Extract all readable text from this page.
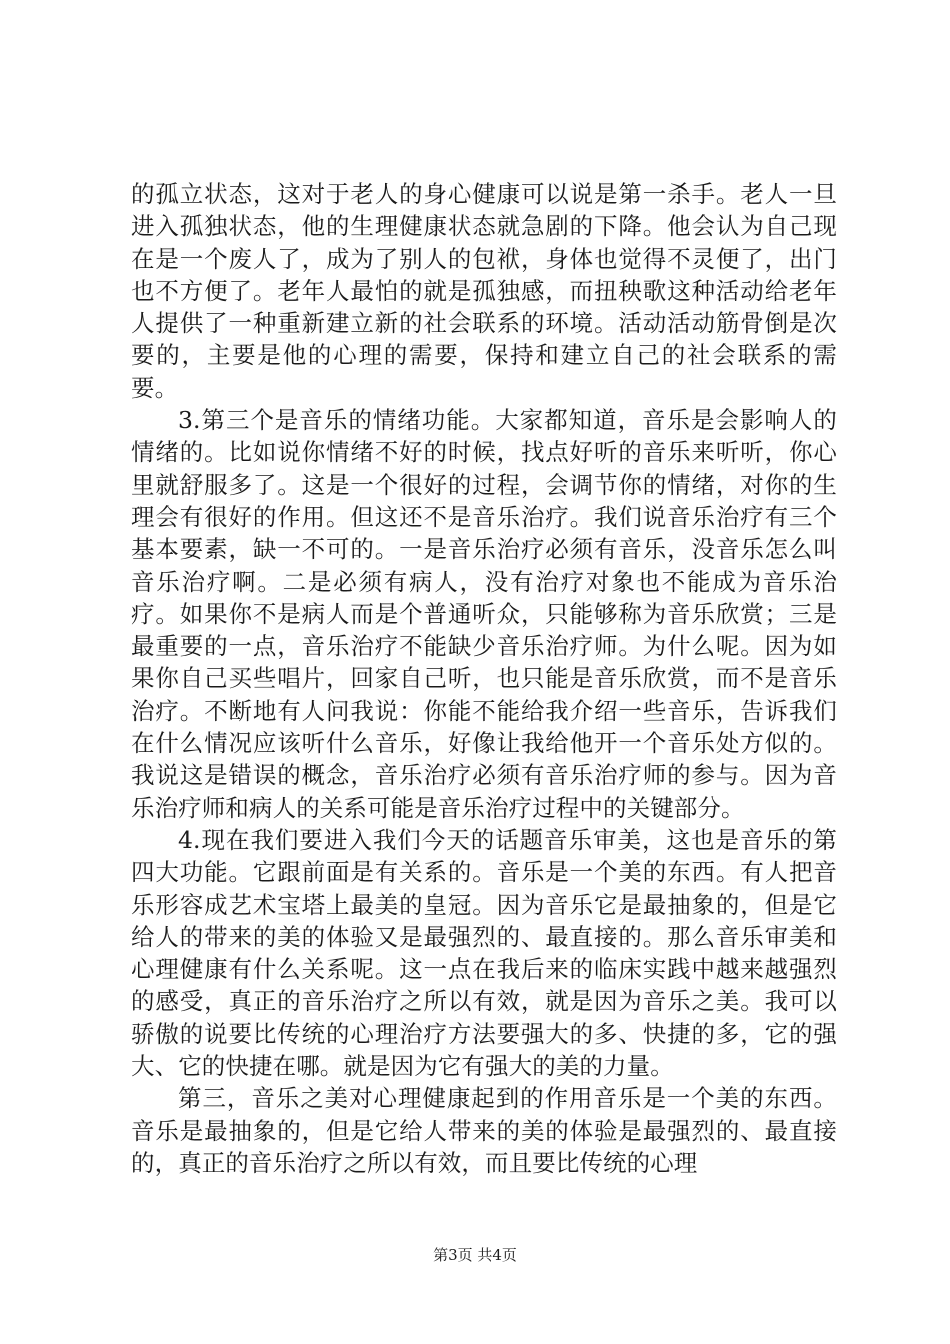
的孤立状态，这对于老人的身心健康可以说是第一杀手。老人一旦进入孤独状态，他的生理健康状态就急剧的下降。他会认为自己现在是一个废人了，成为了别人的包袱，身体也觉得不灵便了，出门也不方便了。老年人最怕的就是孤独感，而扭秧歌这种活动给老年人提供了一种重新建立新的社会联系的环境。活动活动筋骨倒是次要的，主要是他的心理的需要，保持和建立自己的社会联系的需要。

3.第三个是音乐的情绪功能。大家都知道，音乐是会影响人的情绪的。比如说你情绪不好的时候，找点好听的音乐来听听，你心里就舒服多了。这是一个很好的过程，会调节你的情绪，对你的生理会有很好的作用。但这还不是音乐治疗。我们说音乐治疗有三个基本要素，缺一不可的。一是音乐治疗必须有音乐，没音乐怎么叫音乐治疗啊。二是必须有病人，没有治疗对象也不能成为音乐治疗。如果你不是病人而是个普通听众，只能够称为音乐欣赏；三是最重要的一点，音乐治疗不能缺少音乐治疗师。为什么呢。因为如果你自己买些唱片，回家自己听，也只能是音乐欣赏，而不是音乐治疗。不断地有人问我说：你能不能给我介绍一些音乐，告诉我们在什么情况应该听什么音乐，好像让我给他开一个音乐处方似的。我说这是错误的概念，音乐治疗必须有音乐治疗师的参与。因为音乐治疗师和病人的关系可能是音乐治疗过程中的关键部分。

4.现在我们要进入我们今天的话题音乐审美，这也是音乐的第四大功能。它跟前面是有关系的。音乐是一个美的东西。有人把音乐形容成艺术宝塔上最美的皇冠。因为音乐它是最抽象的，但是它给人的带来的美的体验又是最强烈的、最直接的。那么音乐审美和心理健康有什么关系呢。这一点在我后来的临床实践中越来越强烈的感受，真正的音乐治疗之所以有效，就是因为音乐之美。我可以骄傲的说要比传统的心理治疗方法要强大的多、快捷的多，它的强大、它的快捷在哪。就是因为它有强大的美的力量。

第三，音乐之美对心理健康起到的作用音乐是一个美的东西。音乐是最抽象的，但是它给人带来的美的体验是最强烈的、最直接的，真正的音乐治疗之所以有效，而且要比传统的心理

第3页 共4页
